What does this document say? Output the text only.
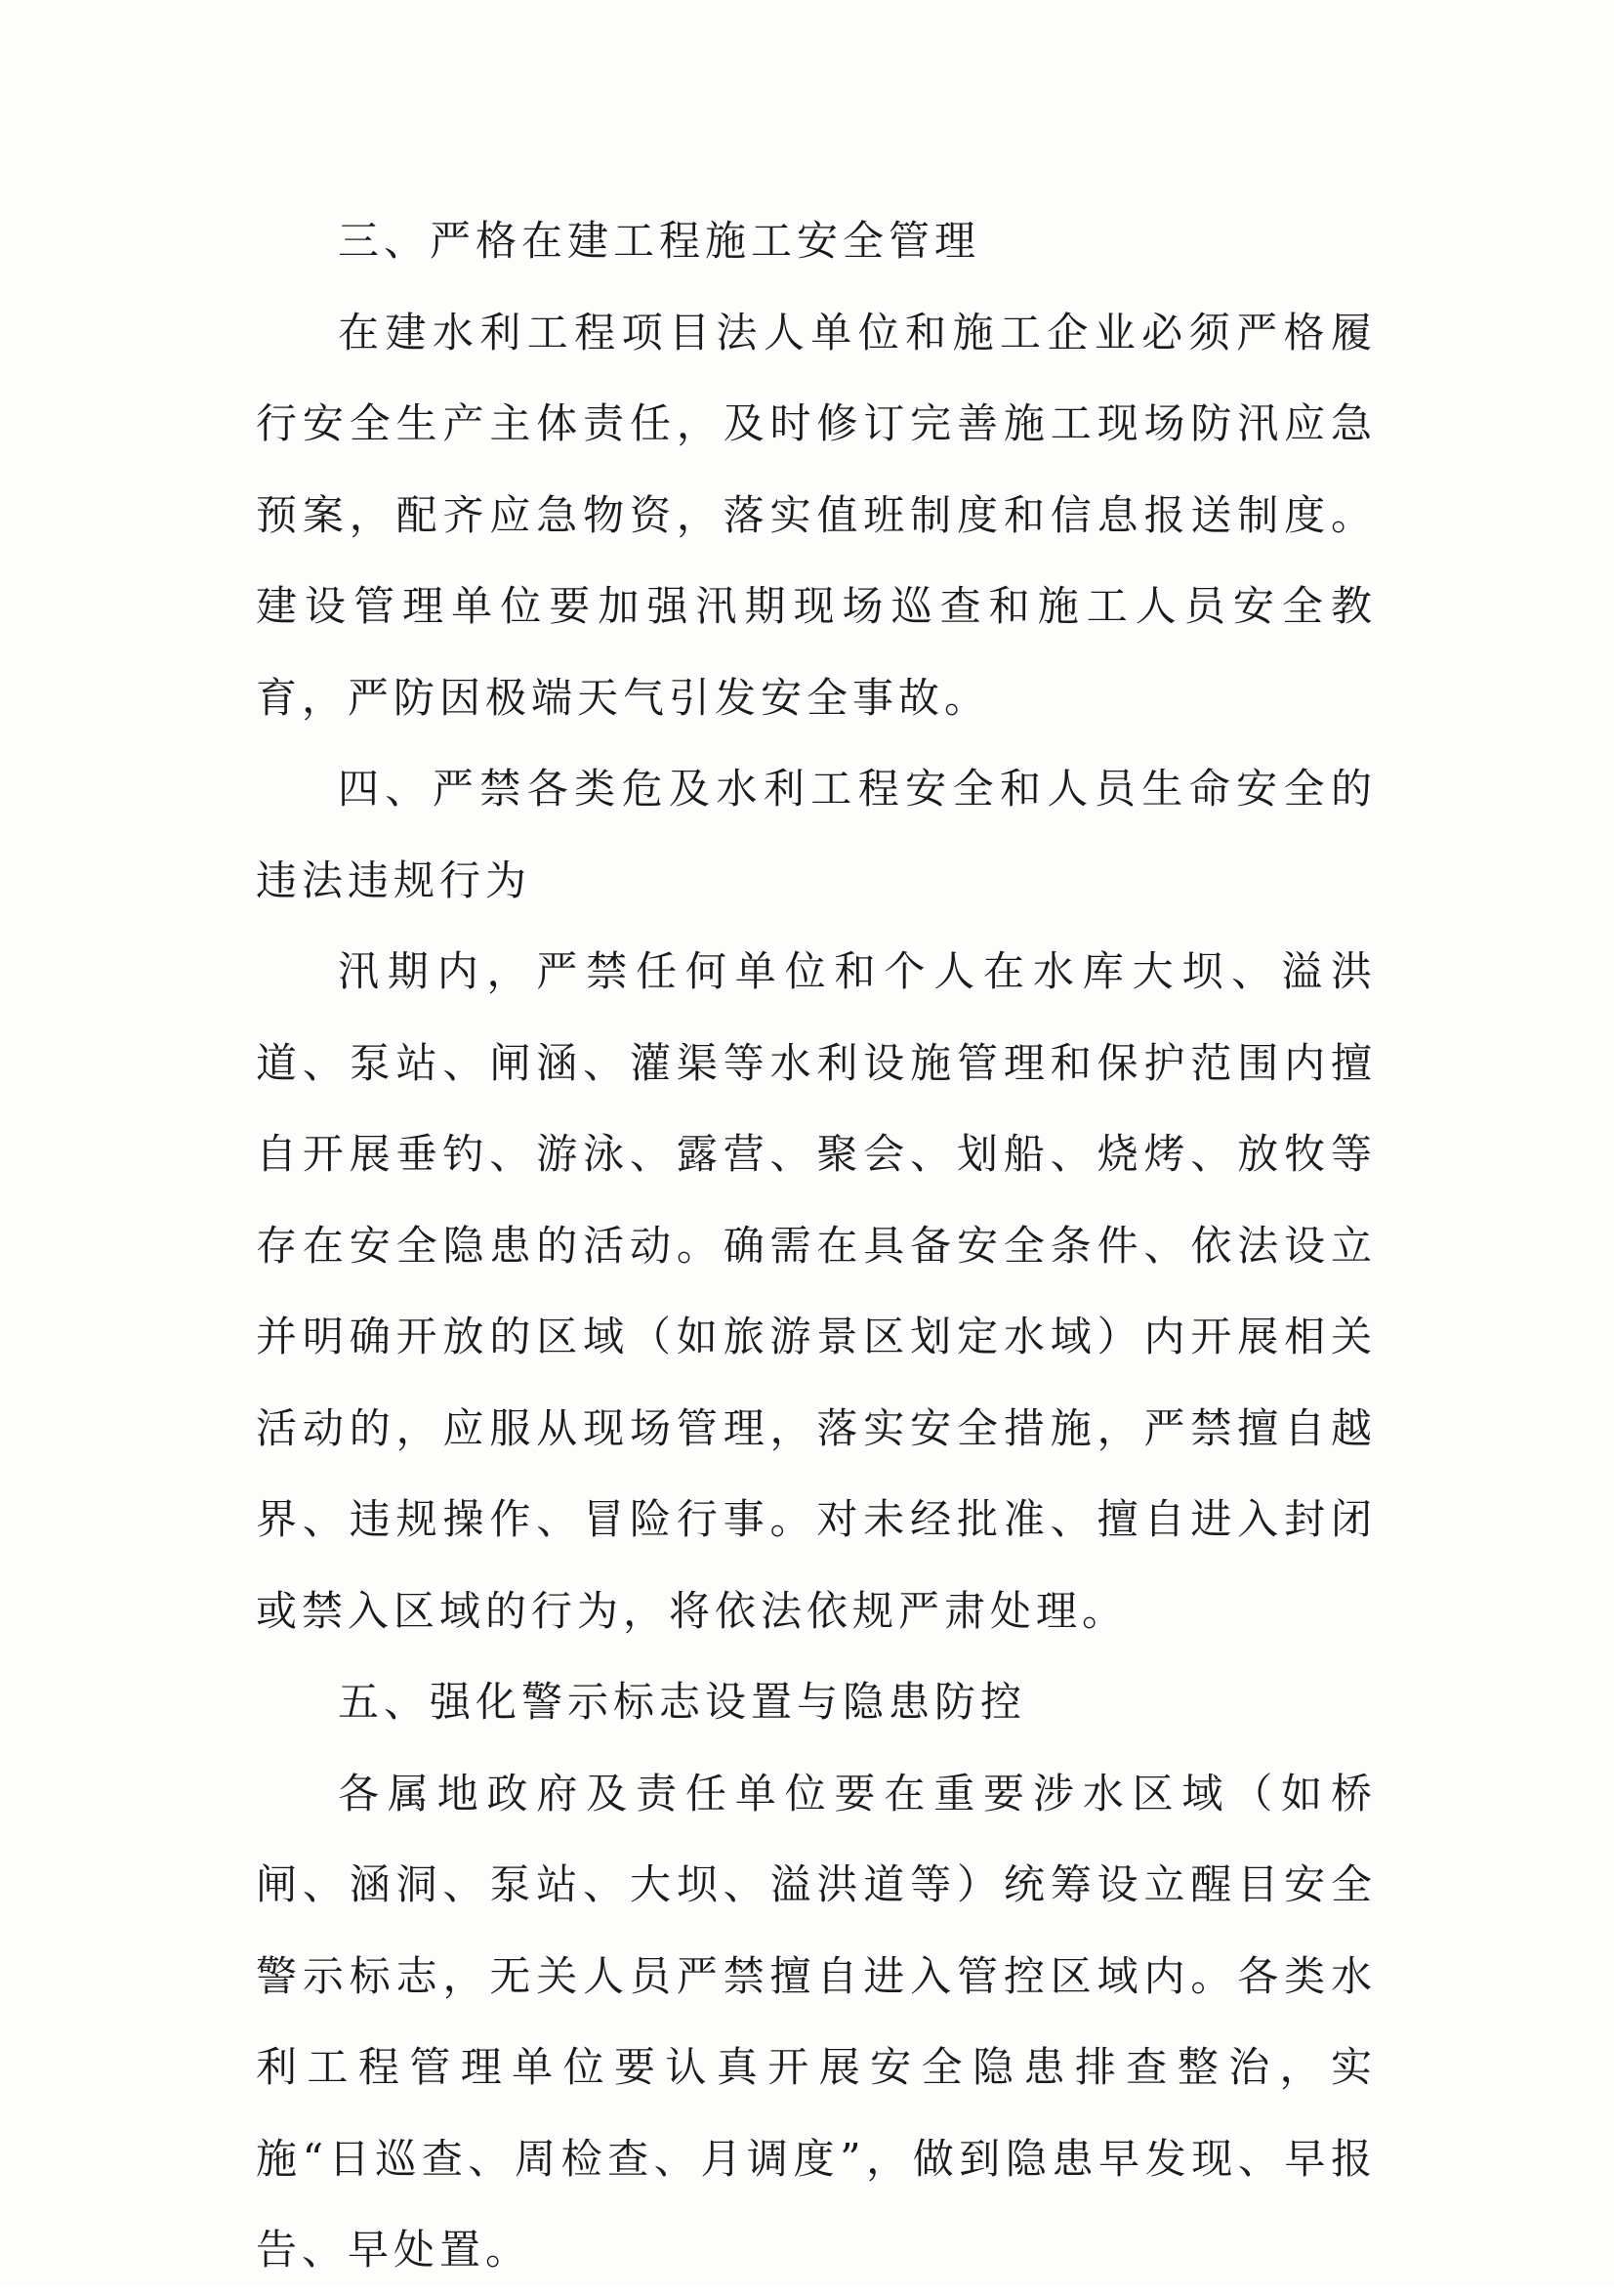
三、严格在建工程施工安全管理

在建水利工程项目法人单位和施工企业必须严格履行安全生产主体责任，及时修订完善施工现场防汛应急预案，配齐应急物资，落实值班制度和信息报送制度。建设管理单位要加强汛期现场巡查和施工人员安全教育，严防因极端天气引发安全事故。

四、严禁各类危及水利工程安全和人员生命安全的违法违规行为

汛期内，严禁任何单位和个人在水库大坝、溢洪道、泵站、闸涵、灌渠等水利设施管理和保护范围内擅自开展垂钓、游泳、露营、聚会、划船、烧烤、放牧等存在安全隐患的活动。确需在具备安全条件、依法设立并明确开放的区域（如旅游景区划定水域）内开展相关活动的，应服从现场管理，落实安全措施，严禁擅自越界、违规操作、冒险行事。对未经批准、擅自进入封闭或禁入区域的行为，将依法依规严肃处理。

五、强化警示标志设置与隐患防控

各属地政府及责任单位要在重要涉水区域（如桥闸、涵洞、泵站、大坝、溢洪道等）统筹设立醒目安全警示标志，无关人员严禁擅自进入管控区域内。各类水利工程管理单位要认真开展安全隐患排查整治，实施“日巡查、周检查、月调度”，做到隐患早发现、早报告、早处置。
